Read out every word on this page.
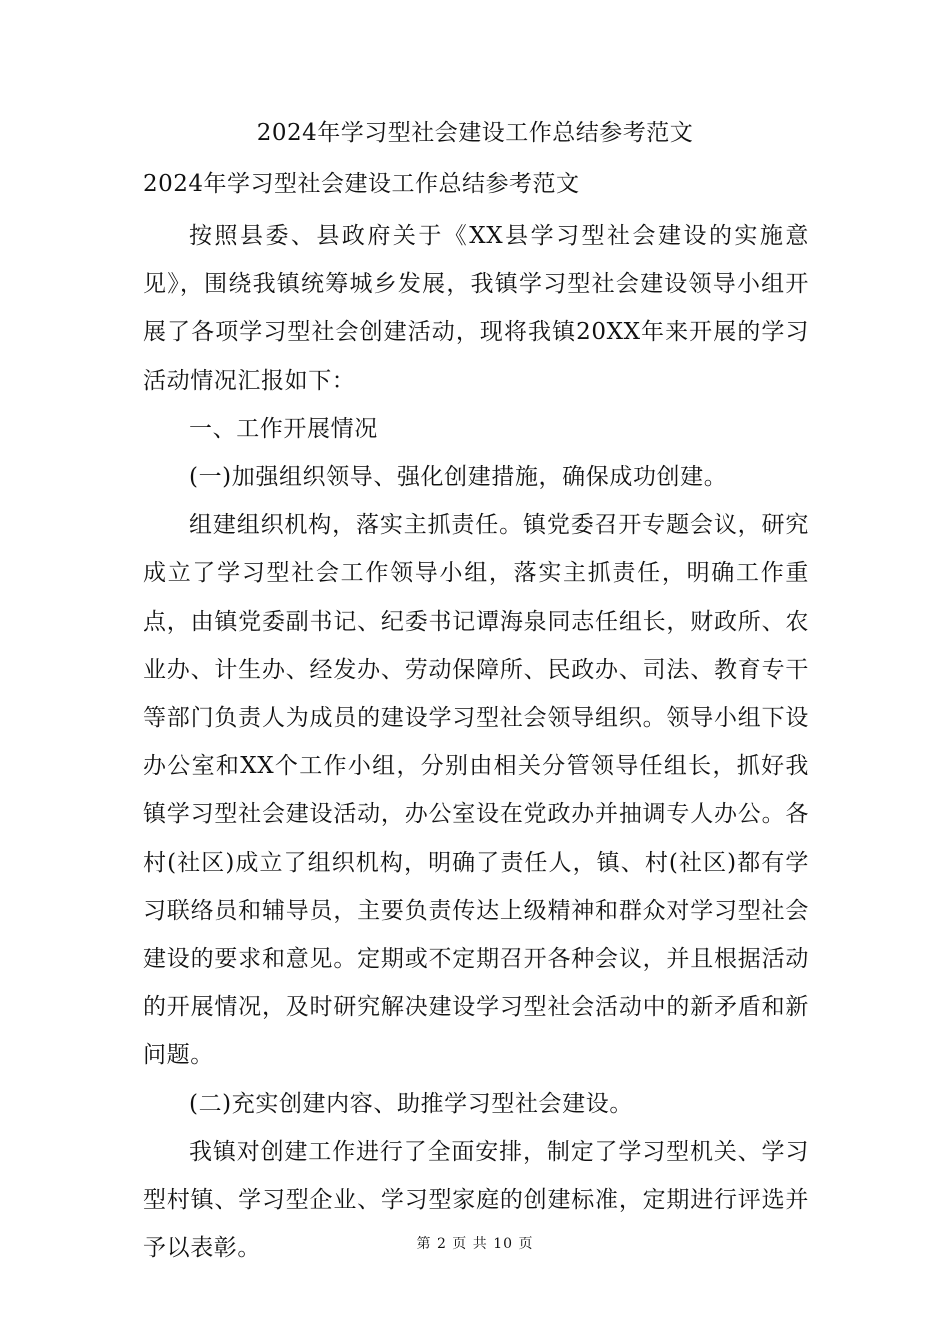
2024年学习型社会建设工作总结参考范文
2024年学习型社会建设工作总结参考范文

按照县委、县政府关于《XX县学习型社会建设的实施意见》，围绕我镇统筹城乡发展，我镇学习型社会建设领导小组开展了各项学习型社会创建活动，现将我镇20XX年来开展的学习活动情况汇报如下：

一、工作开展情况

(一)加强组织领导、强化创建措施，确保成功创建。

组建组织机构，落实主抓责任。镇党委召开专题会议，研究成立了学习型社会工作领导小组，落实主抓责任，明确工作重点，由镇党委副书记、纪委书记谭海泉同志任组长，财政所、农业办、计生办、经发办、劳动保障所、民政办、司法、教育专干等部门负责人为成员的建设学习型社会领导组织。领导小组下设办公室和XX个工作小组，分别由相关分管领导任组长，抓好我镇学习型社会建设活动，办公室设在党政办并抽调专人办公。各村(社区)成立了组织机构，明确了责任人，镇、村(社区)都有学习联络员和辅导员，主要负责传达上级精神和群众对学习型社会建设的要求和意见。定期或不定期召开各种会议，并且根据活动的开展情况，及时研究解决建设学习型社会活动中的新矛盾和新问题。

(二)充实创建内容、助推学习型社会建设。

我镇对创建工作进行了全面安排，制定了学习型机关、学习型村镇、学习型企业、学习型家庭的创建标准，定期进行评选并予以表彰。	第 2 页 共 10 页
